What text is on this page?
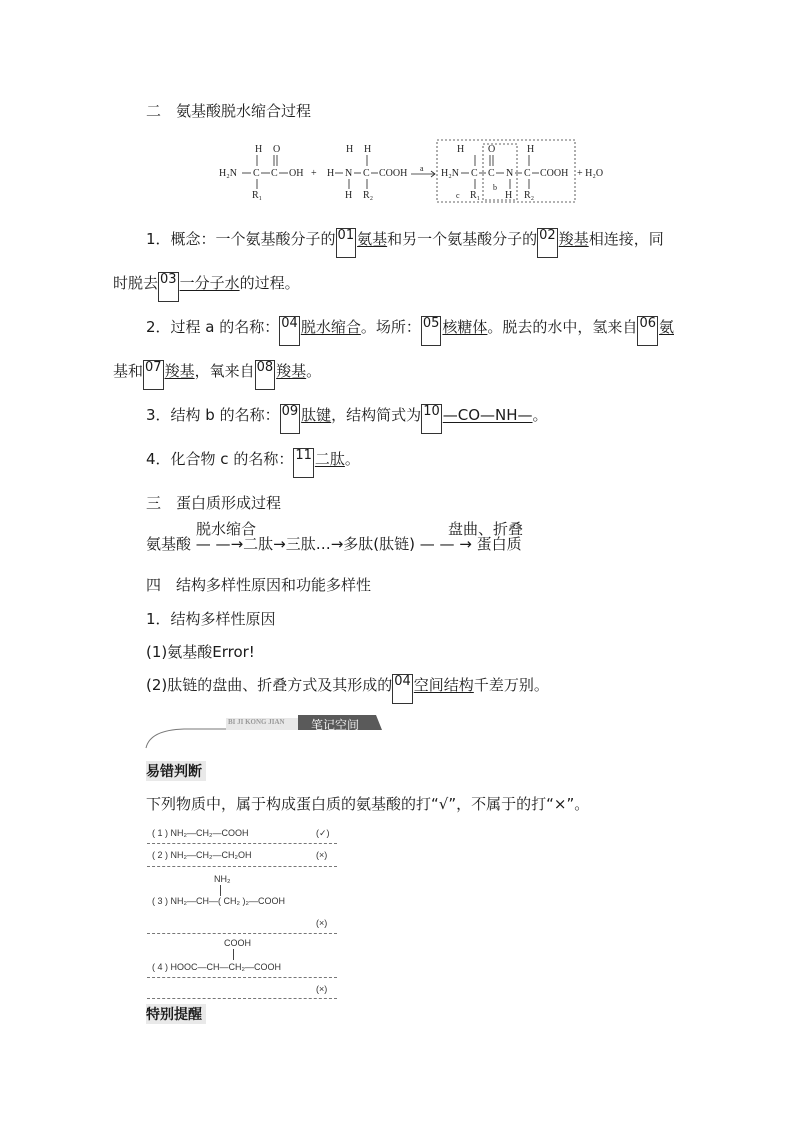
二　氨基酸脱水缩合过程
H O
H₂N C C OH
R₁
+ H
H
N
H
H
C
R₂
COOH a
H O
H₂N C C N
H
C COOH + H₂O
c R₁
b
H R₂
1．概念：一个氨基酸分子的 01 氨基和另一个氨基酸分子的 02 羧基相连接，同
时脱去 03 一分子水的过程。
2．过程 a 的名称： 04 脱水缩合。场所： 05 核糖体。脱去的水中，氢来自 06 氨
基和 07 羧基，氧来自 08 羧基。
3．结构 b 的名称： 09 肽键，结构简式为 10 —CO—NH—。
4．化合物 c 的名称： 11 二肽。
三　蛋白质形成过程
脱水缩合	盘曲、折叠
氨基酸 — —→二肽→三肽…→多肽(肽链) — — → 蛋白质
四　结构多样性原因和功能多样性
1．结构多样性原因
(1)氨基酸Error!
(2)肽链的盘曲、折叠方式及其形成的 04 空间结构千差万别。
BI JI KONG JIAN 笔记空间
易错判断
下列物质中，属于构成蛋白质的氨基酸的打“√”，不属于的打“×”。
( 1 ) NH₂—CH₂—COOH	(✓)
( 2 ) NH₂—CH₂—CH₂OH	(×)
NH₂
( 3 ) NH₂—CH—( CH₂ )₂—COOH
(×)
COOH
( 4 ) HOOC—CH—CH₂—COOH
(×)
特别提醒
